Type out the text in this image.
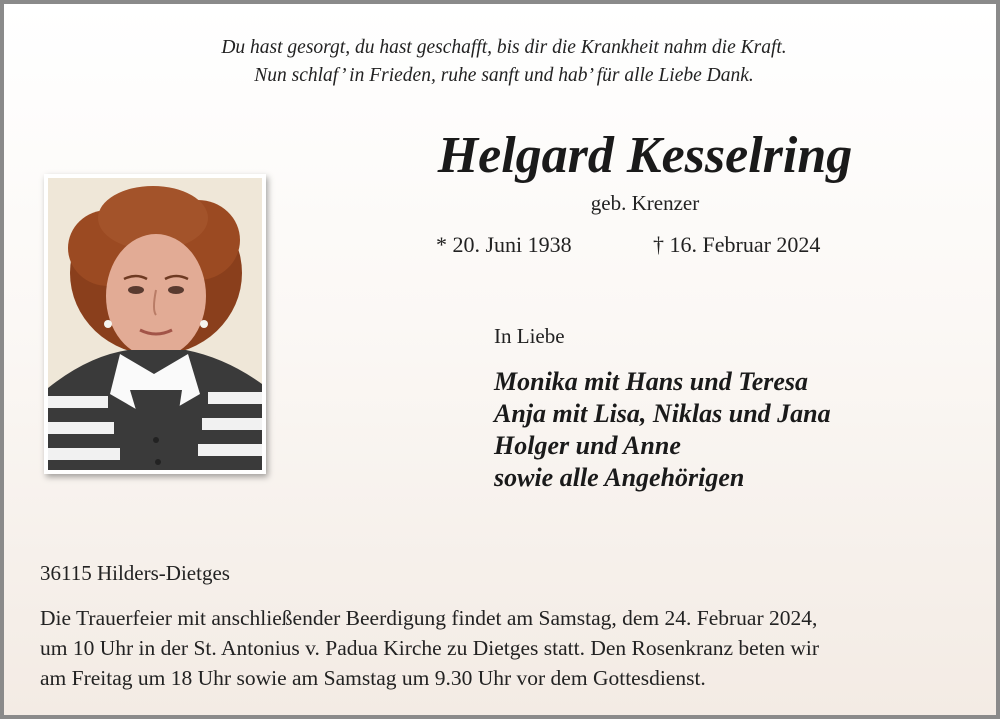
Du hast gesorgt, du hast geschafft, bis dir die Krankheit nahm die Kraft.
Nun schlaf’ in Frieden, ruhe sanft und hab’ für alle Liebe Dank.
Helgard Kesselring
geb. Krenzer
* 20. Juni 1938	† 16. Februar 2024
In Liebe
Monika mit Hans und Teresa
Anja mit Lisa, Niklas und Jana
Holger und Anne
sowie alle Angehörigen
36115 Hilders-Dietges
Die Trauerfeier mit anschließender Beerdigung findet am Samstag, dem 24. Februar 2024,
um 10 Uhr in der St. Antonius v. Padua Kirche zu Dietges statt. Den Rosenkranz beten wir
am Freitag um 18 Uhr sowie am Samstag um 9.30 Uhr vor dem Gottesdienst.
